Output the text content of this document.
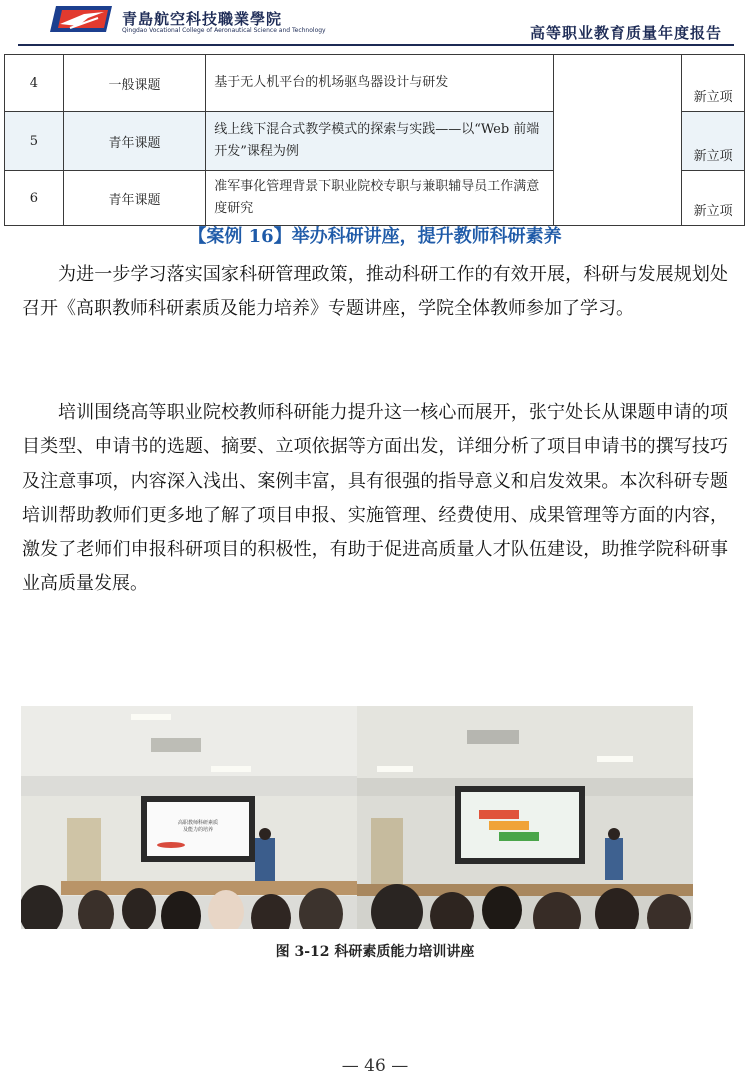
青島航空科技職業學院
Qingdao Vocational College of Aeronautical Science and Technology	高等职业教育质量年度报告
4	一般课题	基于无人机平台的机场驱鸟器设计与研发		新立项
5	青年课题	线上线下混合式教学模式的探索与实践——以“Web 前端开发”课程为例		新立项
6	青年课题	准军事化管理背景下职业院校专职与兼职辅导员工作满意度研究		新立项
【案例 16】举办科研讲座，提升教师科研素养

为进一步学习落实国家科研管理政策，推动科研工作的有效开展，科研与发展规划处召开《高职教师科研素质及能力培养》专题讲座，学院全体教师参加了学习。

培训围绕高等职业院校教师科研能力提升这一核心而展开，张宁处长从课题申请的项目类型、申请书的选题、摘要、立项依据等方面出发，详细分析了项目申请书的撰写技巧及注意事项，内容深入浅出、案例丰富，具有很强的指导意义和启发效果。本次科研专题培训帮助教师们更多地了解了项目申报、实施管理、经费使用、成果管理等方面的内容，激发了老师们申报科研项目的积极性，有助于促进高质量人才队伍建设，助推学院科研事业高质量发展。

高职教师科研素质
及能力的培养
图 3-12 科研素质能力培训讲座
— 46 —
